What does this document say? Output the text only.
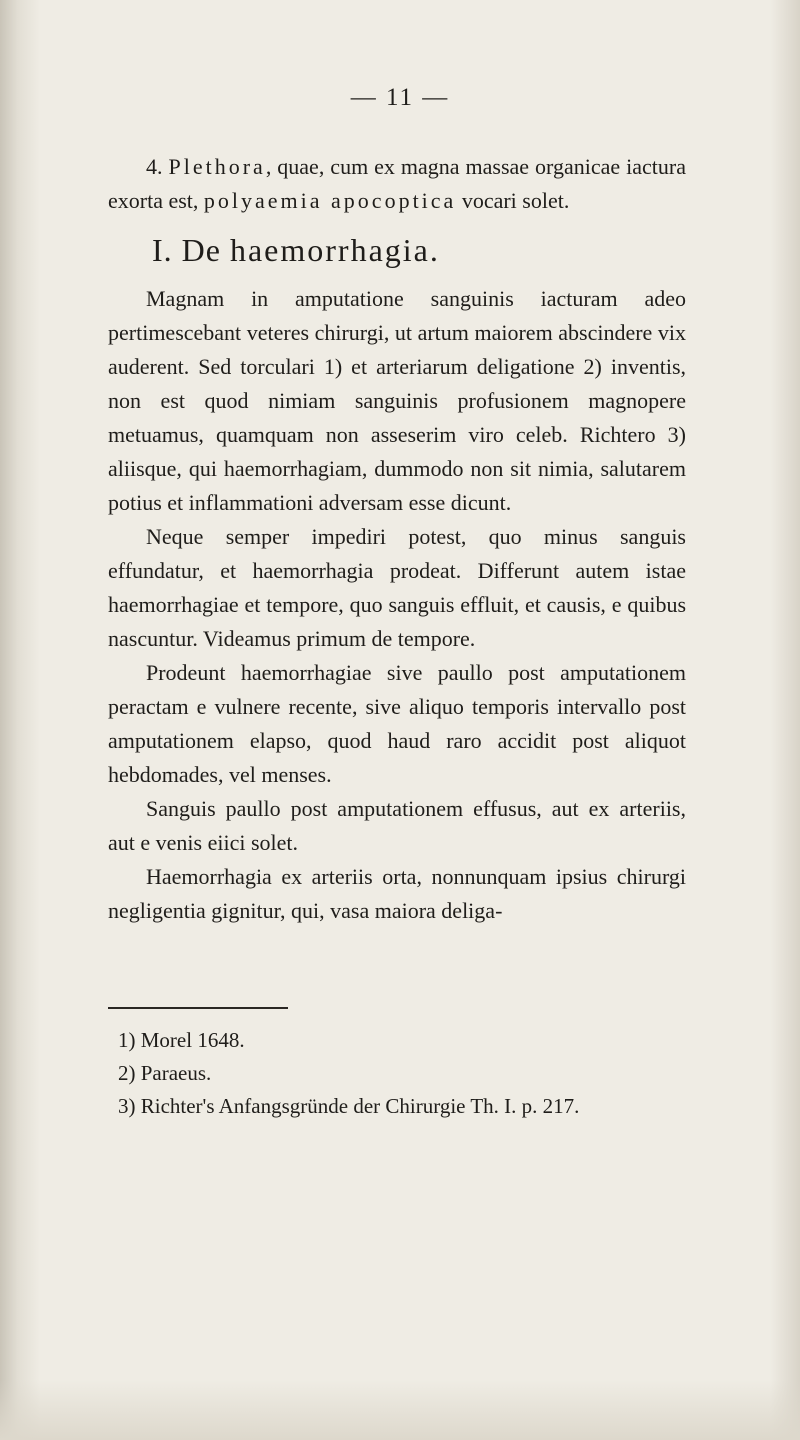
— 11 —

4. Plethora, quae, cum ex magna massae organicae iactura exorta est, polyaemia apocoptica vocari solet.

I. De haemorrhagia.

Magnam in amputatione sanguinis iacturam adeo pertimescebant veteres chirurgi, ut artum maiorem abscindere vix auderent. Sed torculari 1) et arteriarum deligatione 2) inventis, non est quod nimiam sanguinis profusionem magnopere metuamus, quamquam non asseserim viro celeb. Richtero 3) aliisque, qui haemorrhagiam, dummodo non sit nimia, salutarem potius et inflammationi adversam esse dicunt.

Neque semper impediri potest, quo minus sanguis effundatur, et haemorrhagia prodeat. Differunt autem istae haemorrhagiae et tempore, quo sanguis effluit, et causis, e quibus nascuntur. Videamus primum de tempore.

Prodeunt haemorrhagiae sive paullo post amputationem peractam e vulnere recente, sive aliquo temporis intervallo post amputationem elapso, quod haud raro accidit post aliquot hebdomades, vel menses.

Sanguis paullo post amputationem effusus, aut ex arteriis, aut e venis eiici solet.

Haemorrhagia ex arteriis orta, nonnunquam ipsius chirurgi negligentia gignitur, qui, vasa maiora deliga-

1) Morel 1648.
2) Paraeus.
3) Richter's Anfangsgründe der Chirurgie Th. I. p. 217.
